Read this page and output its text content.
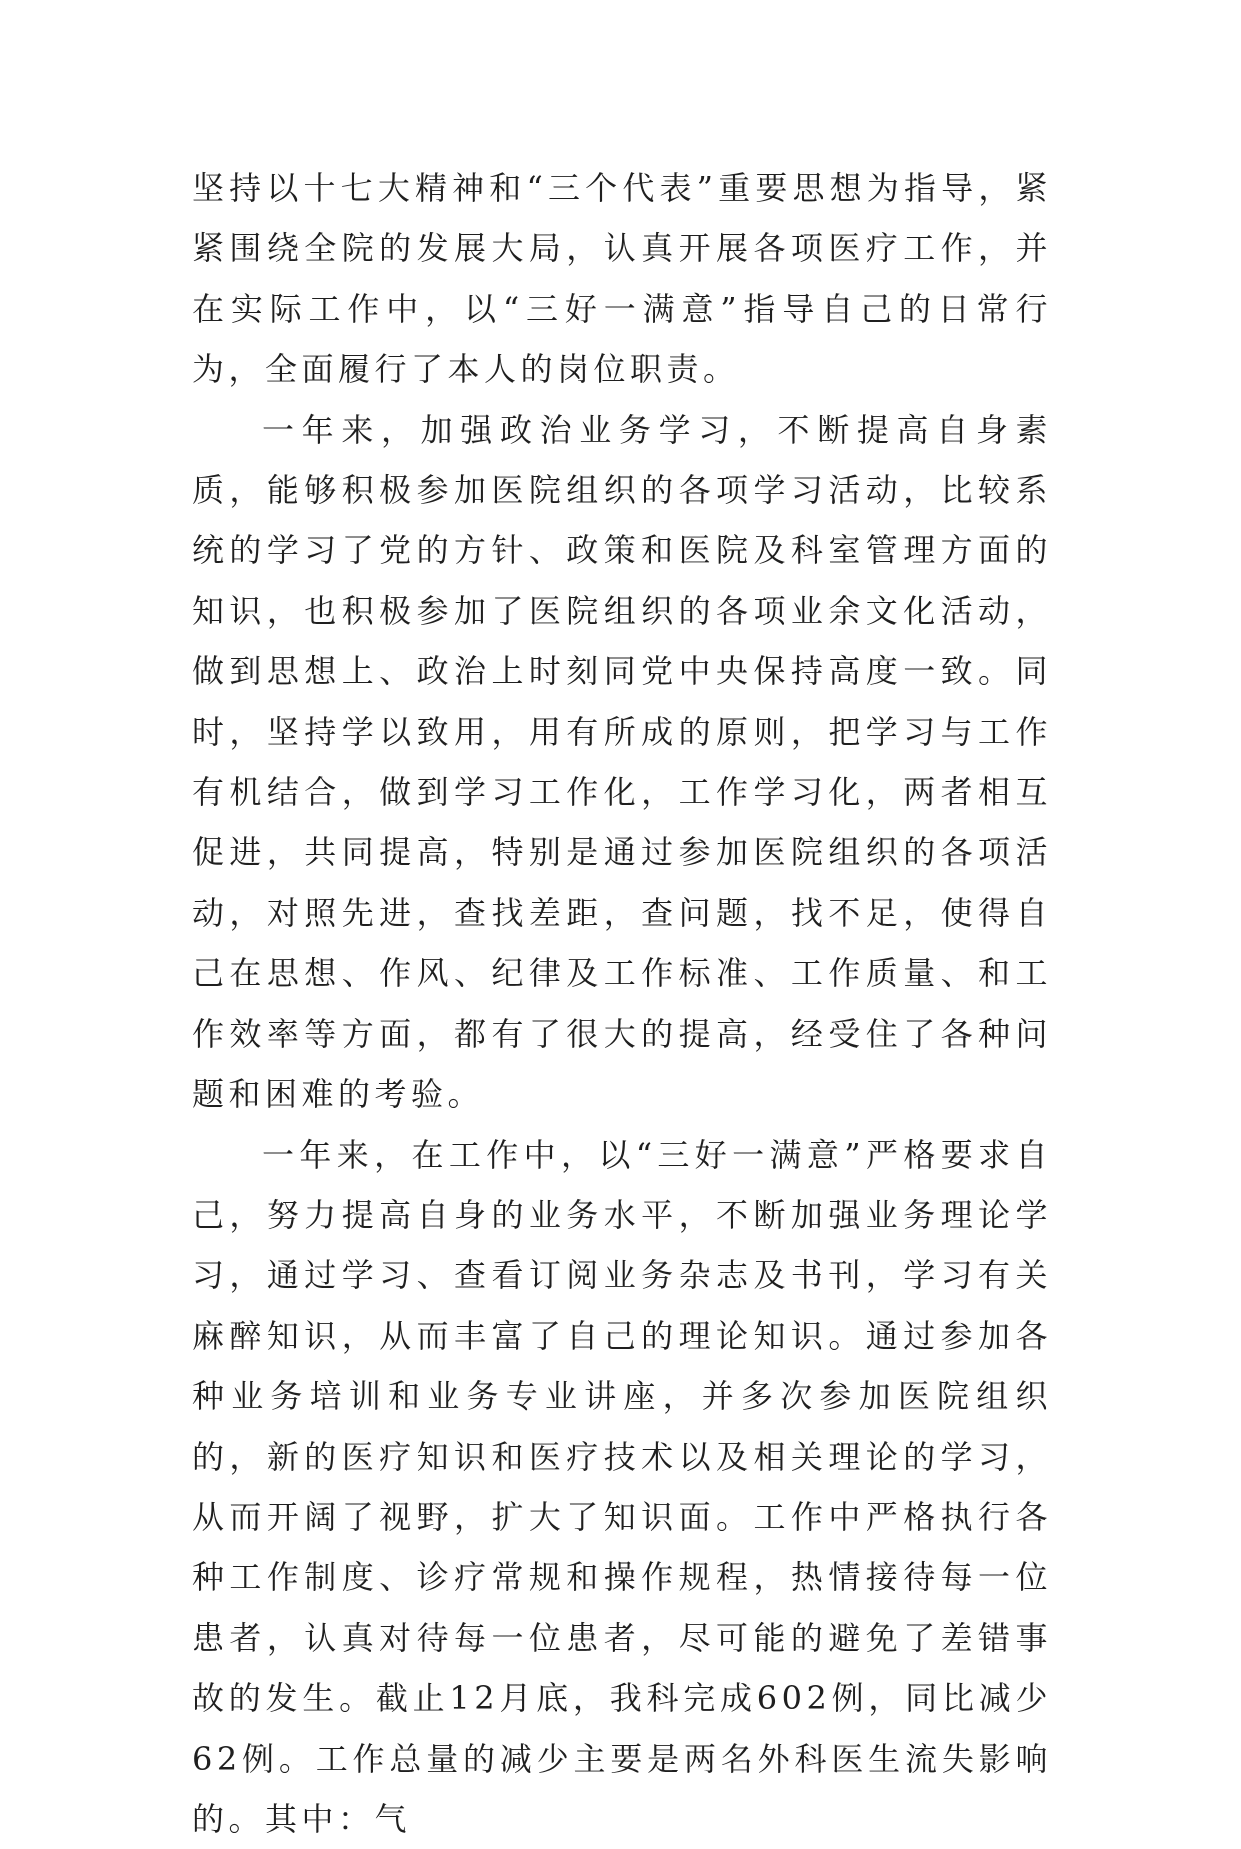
坚持以十七大精神和“三个代表”重要思想为指导，紧紧围绕全院的发展大局，认真开展各项医疗工作，并在实际工作中，以“三好一满意”指导自己的日常行为，全面履行了本人的岗位职责。

一年来，加强政治业务学习，不断提高自身素质，能够积极参加医院组织的各项学习活动，比较系统的学习了党的方针、政策和医院及科室管理方面的知识，也积极参加了医院组织的各项业余文化活动，做到思想上、政治上时刻同党中央保持高度一致。同时，坚持学以致用，用有所成的原则，把学习与工作有机结合，做到学习工作化，工作学习化，两者相互促进，共同提高，特别是通过参加医院组织的各项活动，对照先进，查找差距，查问题，找不足，使得自己在思想、作风、纪律及工作标准、工作质量、和工作效率等方面，都有了很大的提高，经受住了各种问题和困难的考验。

一年来，在工作中，以“三好一满意”严格要求自己，努力提高自身的业务水平，不断加强业务理论学习，通过学习、查看订阅业务杂志及书刊，学习有关麻醉知识，从而丰富了自己的理论知识。通过参加各种业务培训和业务专业讲座，并多次参加医院组织的，新的医疗知识和医疗技术以及相关理论的学习，从而开阔了视野，扩大了知识面。工作中严格执行各种工作制度、诊疗常规和操作规程，热情接待每一位患者，认真对待每一位患者，尽可能的避免了差错事故的发生。截止12月底，我科完成602例，同比减少62例。工作总量的减少主要是两名外科医生流失影响的。其中：气
